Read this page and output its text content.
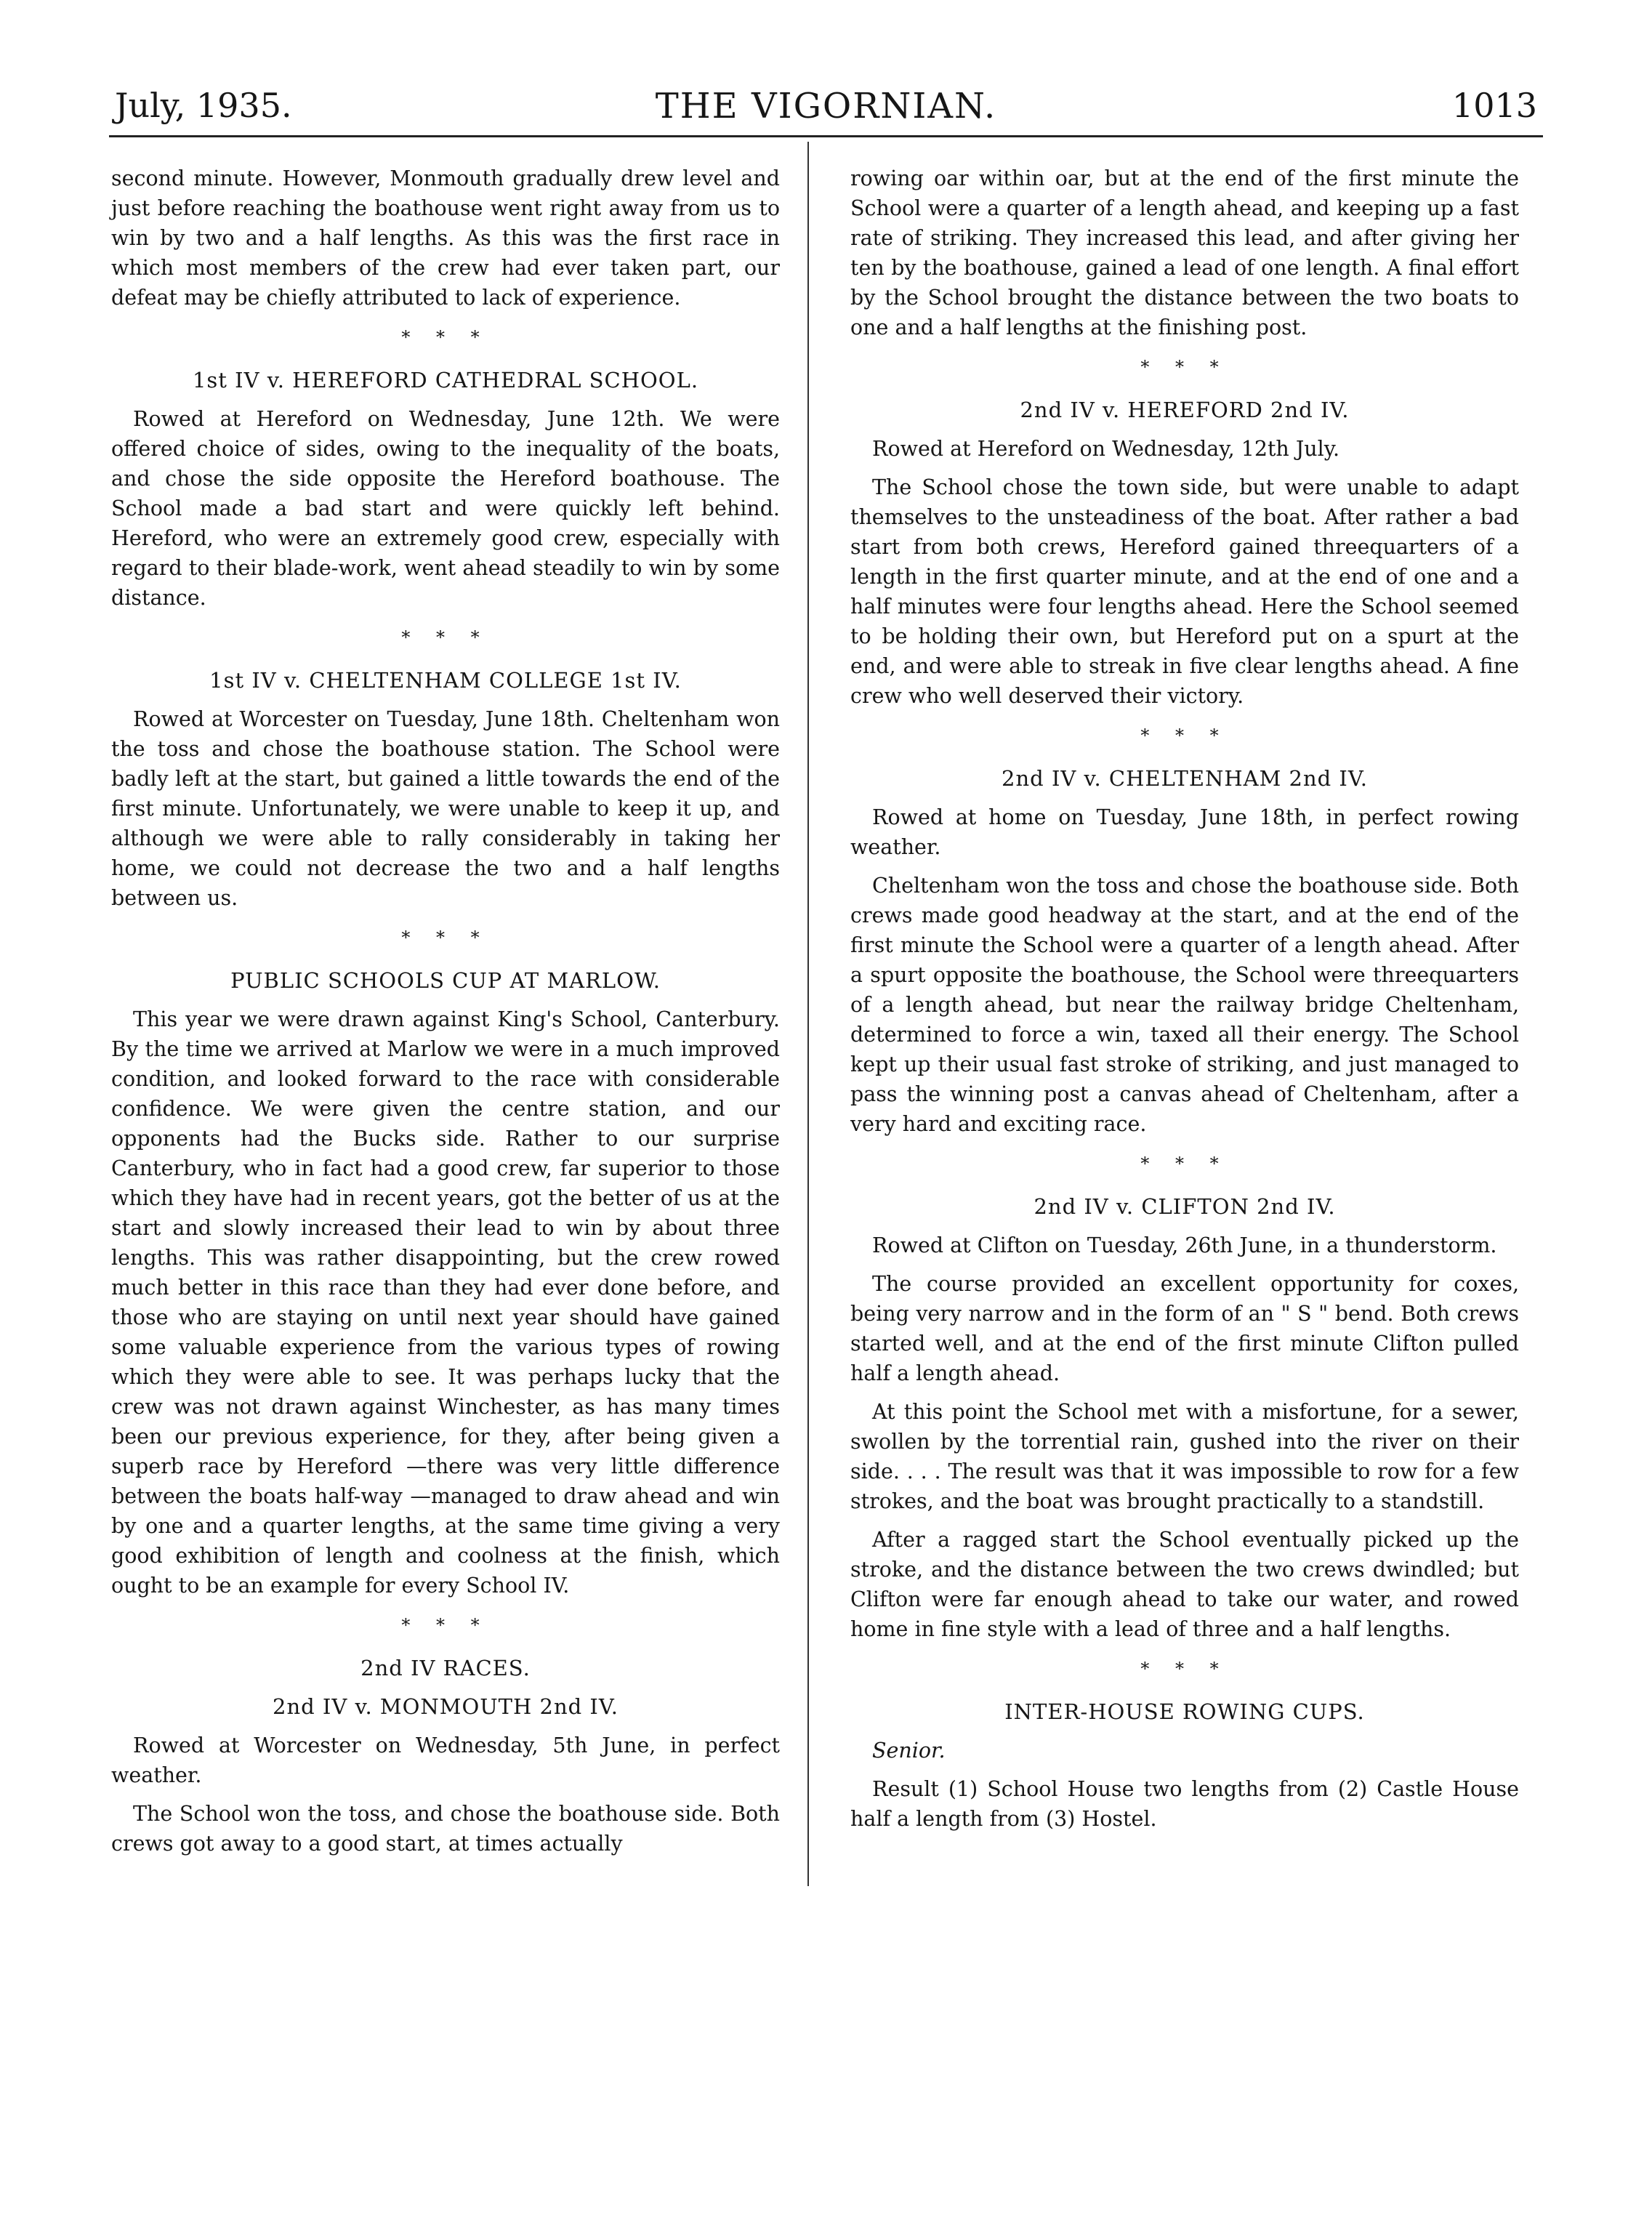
THE VIGORNIAN.
July, 1935.	1013

second minute. However, Monmouth gradually drew level and just before reaching the boathouse went right away from us to win by two and a half lengths. As this was the first race in which most members of the crew had ever taken part, our defeat may be chiefly attributed to lack of experience.

* * *
1st IV v. HEREFORD CATHEDRAL SCHOOL.

Rowed at Hereford on Wednesday, June 12th. We were offered choice of sides, owing to the inequality of the boats, and chose the side opposite the Hereford boathouse. The School made a bad start and were quickly left behind. Hereford, who were an extremely good crew, especially with regard to their blade-work, went ahead steadily to win by some distance.

* * *
1st IV v. CHELTENHAM COLLEGE 1st IV.

Rowed at Worcester on Tuesday, June 18th. Cheltenham won the toss and chose the boathouse station. The School were badly left at the start, but gained a little towards the end of the first minute. Unfortunately, we were unable to keep it up, and although we were able to rally considerably in taking her home, we could not decrease the two and a half lengths between us.

* * *
PUBLIC SCHOOLS CUP AT MARLOW.

This year we were drawn against King's School, Canterbury. By the time we arrived at Marlow we were in a much improved condition, and looked forward to the race with considerable confidence. We were given the centre station, and our opponents had the Bucks side. Rather to our surprise Canterbury, who in fact had a good crew, far superior to those which they have had in recent years, got the better of us at the start and slowly increased their lead to win by about three lengths. This was rather disappointing, but the crew rowed much better in this race than they had ever done before, and those who are staying on until next year should have gained some valuable experience from the various types of rowing which they were able to see. It was perhaps lucky that the crew was not drawn against Winchester, as has many times been our previous experience, for they, after being given a superb race by Hereford —there was very little difference between the boats half-way —managed to draw ahead and win by one and a quarter lengths, at the same time giving a very good exhibition of length and coolness at the finish, which ought to be an example for every School IV.

* * *
2nd IV RACES.
2nd IV v. MONMOUTH 2nd IV.

Rowed at Worcester on Wednesday, 5th June, in perfect weather.

The School won the toss, and chose the boathouse side. Both crews got away to a good start, at times actually

rowing oar within oar, but at the end of the first minute the School were a quarter of a length ahead, and keeping up a fast rate of striking. They increased this lead, and after giving her ten by the boathouse, gained a lead of one length. A final effort by the School brought the distance between the two boats to one and a half lengths at the finishing post.

* * *
2nd IV v. HEREFORD 2nd IV.

Rowed at Hereford on Wednesday, 12th July.

The School chose the town side, but were unable to adapt themselves to the unsteadiness of the boat. After rather a bad start from both crews, Hereford gained threequarters of a length in the first quarter minute, and at the end of one and a half minutes were four lengths ahead. Here the School seemed to be holding their own, but Hereford put on a spurt at the end, and were able to streak in five clear lengths ahead. A fine crew who well deserved their victory.

* * *
2nd IV v. CHELTENHAM 2nd IV.

Rowed at home on Tuesday, June 18th, in perfect rowing weather.

Cheltenham won the toss and chose the boathouse side. Both crews made good headway at the start, and at the end of the first minute the School were a quarter of a length ahead. After a spurt opposite the boathouse, the School were threequarters of a length ahead, but near the railway bridge Cheltenham, determined to force a win, taxed all their energy. The School kept up their usual fast stroke of striking, and just managed to pass the winning post a canvas ahead of Cheltenham, after a very hard and exciting race.

* * *
2nd IV v. CLIFTON 2nd IV.

Rowed at Clifton on Tuesday, 26th June, in a thunderstorm.

The course provided an excellent opportunity for coxes, being very narrow and in the form of an " S " bend. Both crews started well, and at the end of the first minute Clifton pulled half a length ahead.

At this point the School met with a misfortune, for a sewer, swollen by the torrential rain, gushed into the river on their side. . . . The result was that it was impossible to row for a few strokes, and the boat was brought practically to a standstill.

After a ragged start the School eventually picked up the stroke, and the distance between the two crews dwindled; but Clifton were far enough ahead to take our water, and rowed home in fine style with a lead of three and a half lengths.

* * *
INTER-HOUSE ROWING CUPS.

Senior.

Result (1) School House two lengths from (2) Castle House half a length from (3) Hostel.
